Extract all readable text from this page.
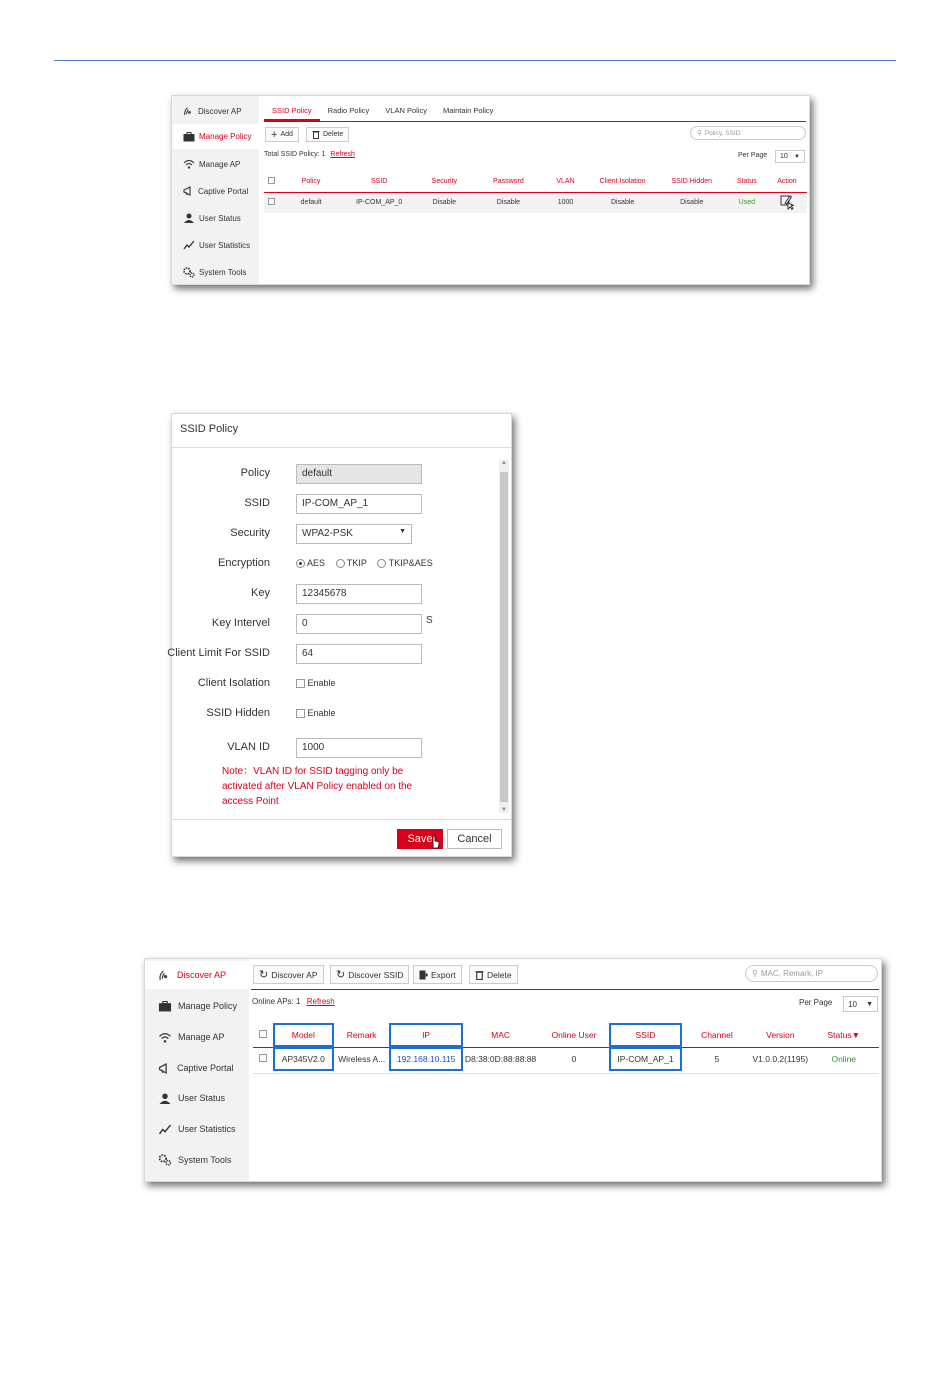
Discover AP
Manage Policy
Manage AP
Captive Portal
User Status
User Statistics
System Tools
SSID Policy	Radio Policy	VLAN Policy	Maintain Policy
+ Add	Delete	⚲ Policy, SSID
Total SSID Policy: 1 Refresh	Per Page 10 ▼
	Policy	SSID	Security	Password	VLAN	Client Isolation	SSID Hidden	Status	Action
	default	IP-COM_AP_0	Disable	Disable	1000	Disable	Disable	Used	
SSID Policy
Policy	default
SSID	IP-COM_AP_1
Security	WPA2-PSK	▼
Encryption	AES TKIP TKIP&AES
Key	12345678
Key Intervel	0	S
Client Limit For SSID	64
Client Isolation	Enable
SSID Hidden	Enable
VLAN ID	1000
Note：VLAN ID for SSID tagging only be activated after VLAN Policy enabled on the access Point
▲
▼
Save	Cancel
Discover AP
Manage Policy
Manage AP
Captive Portal
User Status
User Statistics
System Tools
↻ Discover AP ↻ Discover SSID	Export	Delete	⚲ MAC, Remark, IP
Online APs: 1 Refresh	Per Page 10 ▼

	Model	Remark	IP	MAC	Online User	SSID	Channel	Version	Status▼

	AP345V2.0	Wireless A...	192.168.10.115	D8:38:0D:88:88:88	0	IP-COM_AP_1	5	V1.0.0.2(1195)	Online
